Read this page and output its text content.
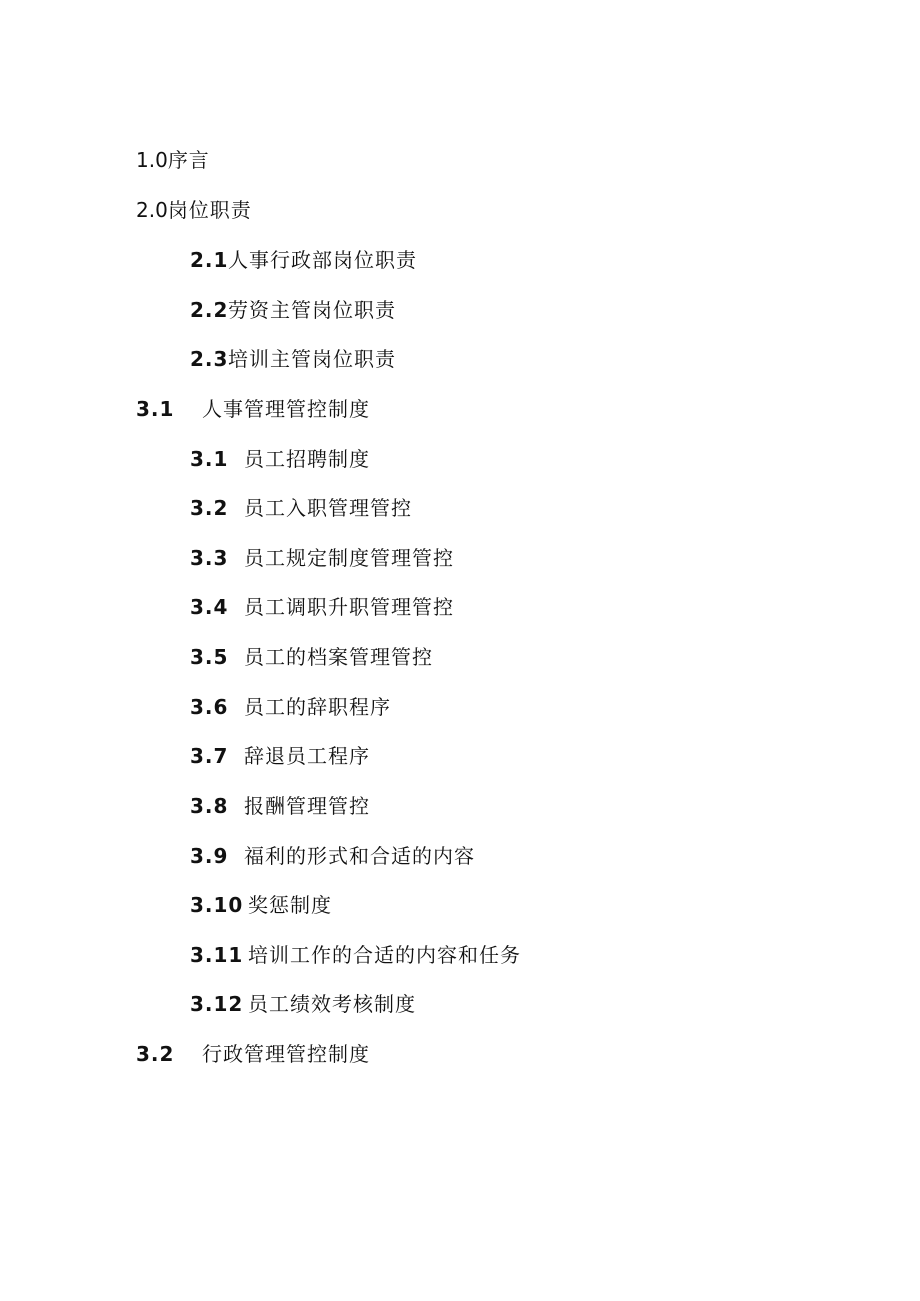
1.0序言
2.0岗位职责
2.1人事行政部岗位职责
2.2劳资主管岗位职责
2.3培训主管岗位职责
3.1 人事管理管控制度
3.1 员工招聘制度
3.2 员工入职管理管控
3.3 员工规定制度管理管控
3.4 员工调职升职管理管控
3.5 员工的档案管理管控
3.6 员工的辞职程序
3.7 辞退员工程序
3.8 报酬管理管控
3.9 福利的形式和合适的内容
3.10 奖惩制度
3.11 培训工作的合适的内容和任务
3.12 员工绩效考核制度
3.2 行政管理管控制度
